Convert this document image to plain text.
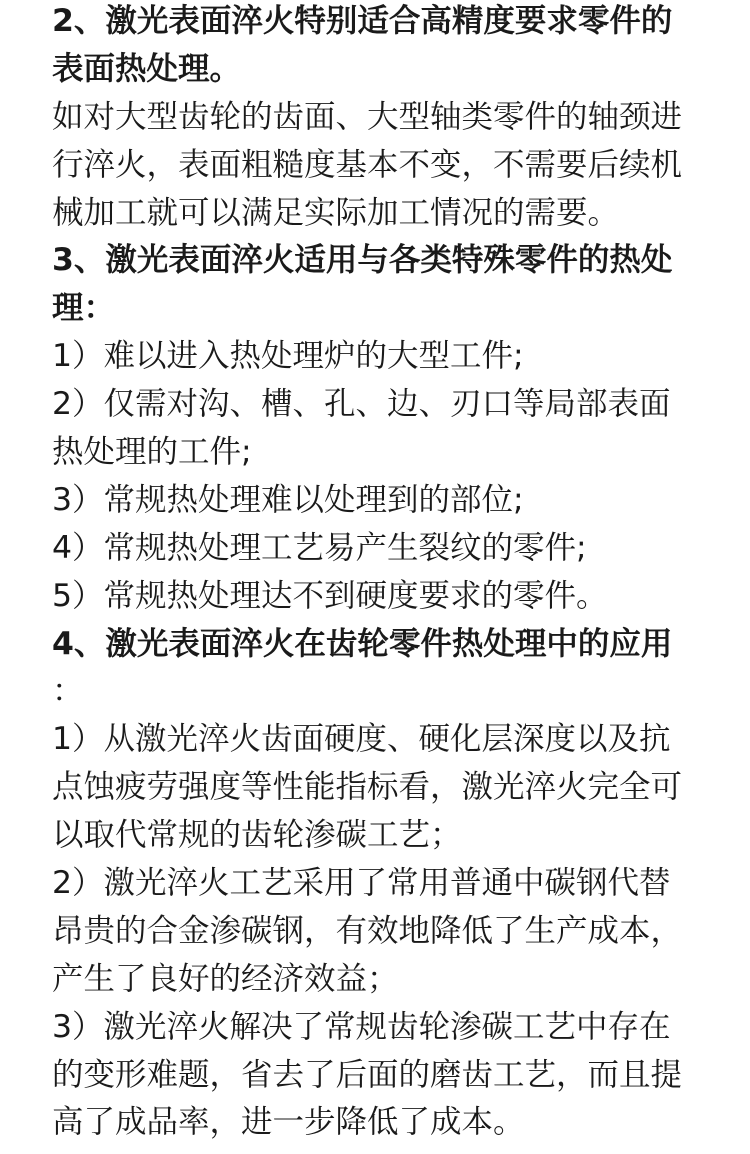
2、激光表面淬火特别适合高精度要求零件的
表面热处理。
如对大型齿轮的齿面、大型轴类零件的轴颈进
行淬火，表面粗糙度基本不变，不需要后续机
械加工就可以满足实际加工情况的需要。
3、激光表面淬火适用与各类特殊零件的热处
理：
1）难以进入热处理炉的大型工件;
2）仅需对沟、槽、孔、边、刃口等局部表面
热处理的工件;
3）常规热处理难以处理到的部位;
4）常规热处理工艺易产生裂纹的零件;
5）常规热处理达不到硬度要求的零件。
4、激光表面淬火在齿轮零件热处理中的应用
：
1）从激光淬火齿面硬度、硬化层深度以及抗
点蚀疲劳强度等性能指标看，激光淬火完全可
以取代常规的齿轮渗碳工艺；
2）激光淬火工艺采用了常用普通中碳钢代替
昂贵的合金渗碳钢，有效地降低了生产成本，
产生了良好的经济效益；
3）激光淬火解决了常规齿轮渗碳工艺中存在
的变形难题，省去了后面的磨齿工艺，而且提
高了成品率，进一步降低了成本。
